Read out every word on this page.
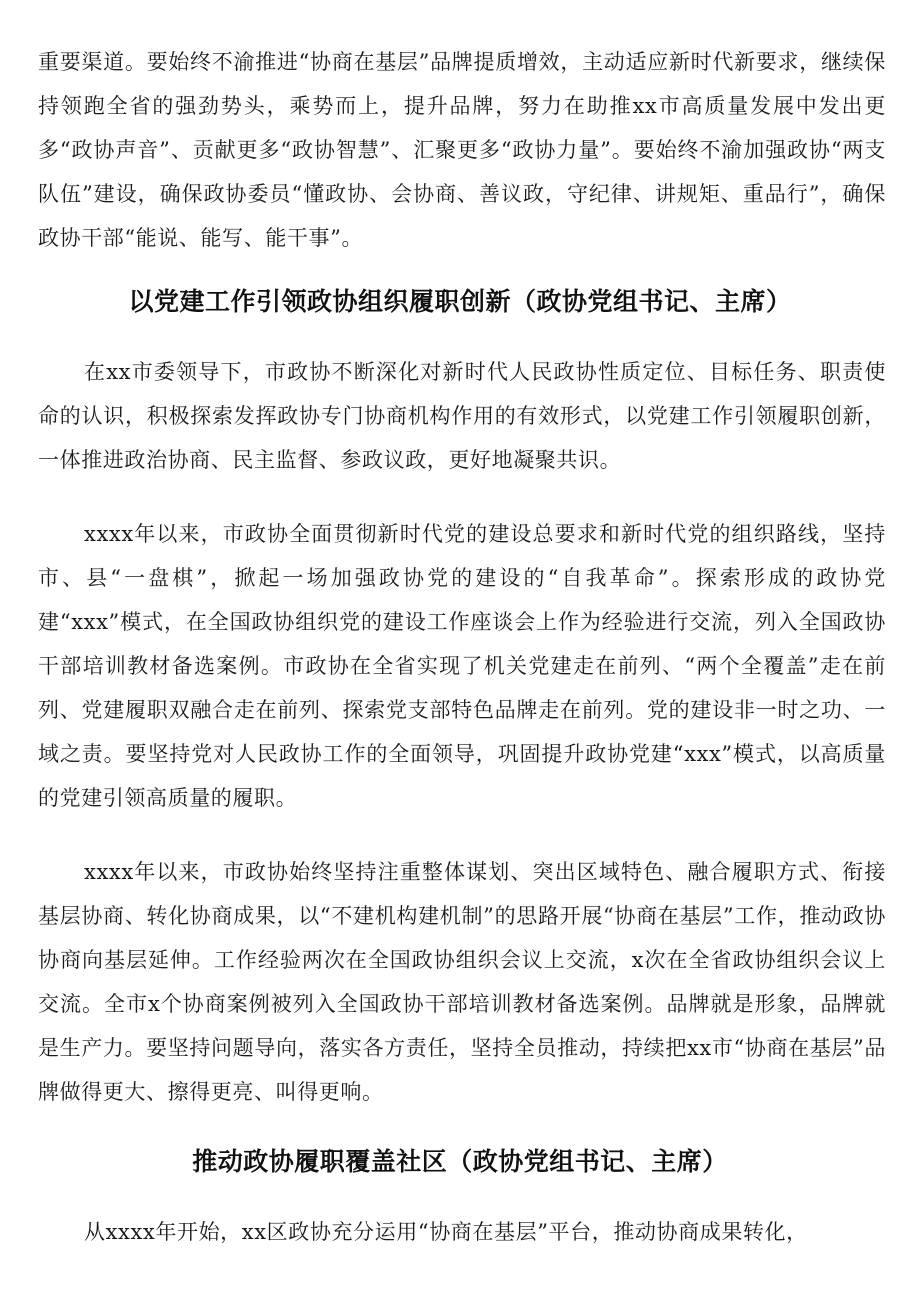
重要渠道。要始终不渝推进“协商在基层”品牌提质增效，主动适应新时代新要求，继续保持领跑全省的强劲势头，乘势而上，提升品牌，努力在助推xx市高质量发展中发出更多“政协声音”、贡献更多“政协智慧”、汇聚更多“政协力量”。要始终不渝加强政协“两支队伍”建设，确保政协委员“懂政协、会协商、善议政，守纪律、讲规矩、重品行”，确保政协干部“能说、能写、能干事”。

以党建工作引领政协组织履职创新（政协党组书记、主席）

在xx市委领导下，市政协不断深化对新时代人民政协性质定位、目标任务、职责使命的认识，积极探索发挥政协专门协商机构作用的有效形式，以党建工作引领履职创新，一体推进政治协商、民主监督、参政议政，更好地凝聚共识。

xxxx年以来，市政协全面贯彻新时代党的建设总要求和新时代党的组织路线，坚持市、县“一盘棋”，掀起一场加强政协党的建设的“自我革命”。探索形成的政协党建“xxx”模式，在全国政协组织党的建设工作座谈会上作为经验进行交流，列入全国政协干部培训教材备选案例。市政协在全省实现了机关党建走在前列、“两个全覆盖”走在前列、党建履职双融合走在前列、探索党支部特色品牌走在前列。党的建设非一时之功、一域之责。要坚持党对人民政协工作的全面领导，巩固提升政协党建“xxx”模式，以高质量的党建引领高质量的履职。

xxxx年以来，市政协始终坚持注重整体谋划、突出区域特色、融合履职方式、衔接基层协商、转化协商成果，以“不建机构建机制”的思路开展“协商在基层”工作，推动政协协商向基层延伸。工作经验两次在全国政协组织会议上交流，x次在全省政协组织会议上交流。全市x个协商案例被列入全国政协干部培训教材备选案例。品牌就是形象，品牌就是生产力。要坚持问题导向，落实各方责任，坚持全员推动，持续把xx市“协商在基层”品牌做得更大、擦得更亮、叫得更响。

推动政协履职覆盖社区（政协党组书记、主席）

从xxxx年开始，xx区政协充分运用“协商在基层”平台，推动协商成果转化，
